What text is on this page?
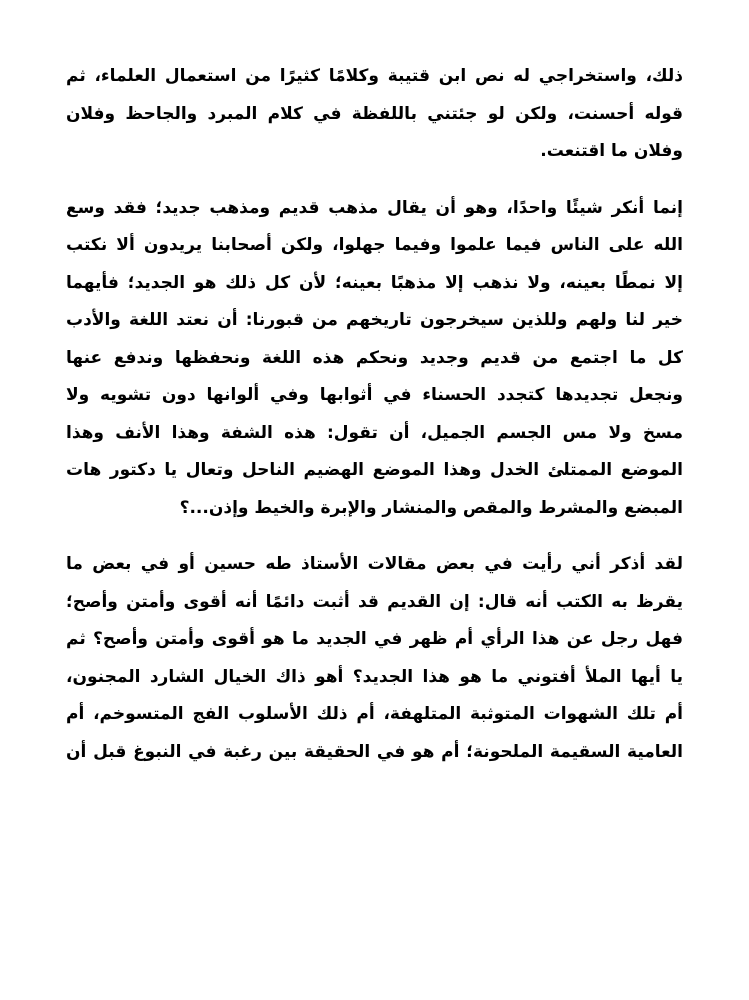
ذلك، واستخراجي له نص ابن قتيبة وكلامًا كثيرًا من استعمال العلماء، ثم
قوله أحسنت، ولكن لو جئتني باللفظة في كلام المبرد والجاحظ وفلان
وفلان ما اقتنعت.
إنما أنكر شيئًا واحدًا، وهو أن يقال مذهب قديم ومذهب جديد؛ فقد وسع
الله على الناس فيما علموا وفيما جهلوا، ولكن أصحابنا يريدون ألا نكتب
إلا نمطًا بعينه، ولا نذهب إلا مذهبًا بعينه؛ لأن كل ذلك هو الجديد؛ فأيهما
خير لنا ولهم وللذين سيخرجون تاريخهم من قبورنا: أن نعتد اللغة والأدب
كل ما اجتمع من قديم وجديد ونحكم هذه اللغة ونحفظها وندفع عنها
ونجعل تجديدها كتجدد الحسناء في أثوابها وفي ألوانها دون تشويه ولا
مسخ ولا مس الجسم الجميل، أن تقول: هذه الشفة وهذا الأنف وهذا
الموضع الممتلئ الخدل وهذا الموضع الهضيم الناحل وتعال يا دكتور هات
المبضع والمشرط والمقص والمنشار والإبرة والخيط وإذن...؟
لقد أذكر أني رأيت في بعض مقالات الأستاذ طه حسين أو في بعض ما
يقرظ به الكتب أنه قال: إن القديم قد أثبت دائمًا أنه أقوى وأمتن وأصح؛
فهل رجل عن هذا الرأي أم ظهر في الجديد ما هو أقوى وأمتن وأصح؟ ثم
يا أيها الملأ أفتوني ما هو هذا الجديد؟ أهو ذاك الخيال الشارد المجنون،
أم تلك الشهوات المتوثبة المتلهفة، أم ذلك الأسلوب الفج المتسوخم، أم
العامية السقيمة الملحونة؛ أم هو في الحقيقة بين رغبة في النبوغ قبل أن
